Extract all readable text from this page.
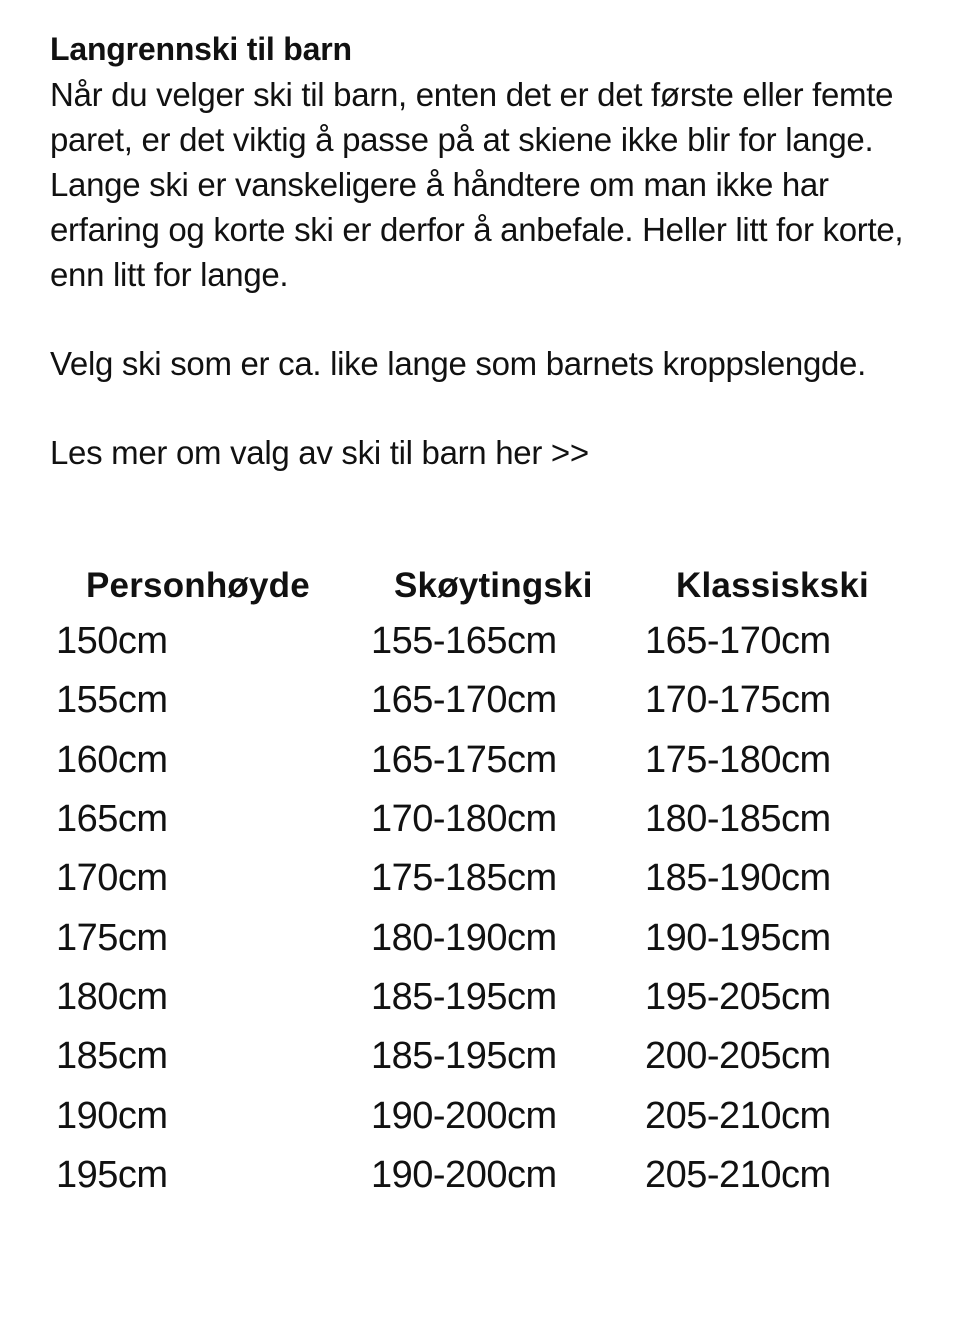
Langrennski til barn

Når du velger ski til barn, enten det er det første eller femte paret, er det viktig å passe på at skiene ikke blir for lange. Lange ski er vanskeligere å håndtere om man ikke har erfaring og korte ski er derfor å anbefale. Heller litt for korte, enn litt for lange.

Velg ski som er ca. like lange som barnets kroppslengde.

Les mer om valg av ski til barn her >>

Personhøyde	Skøytingski	Klassiskski
150cm	155-165cm	165-170cm
155cm	165-170cm	170-175cm
160cm	165-175cm	175-180cm
165cm	170-180cm	180-185cm
170cm	175-185cm	185-190cm
175cm	180-190cm	190-195cm
180cm	185-195cm	195-205cm
185cm	185-195cm	200-205cm
190cm	190-200cm	205-210cm
195cm	190-200cm	205-210cm
